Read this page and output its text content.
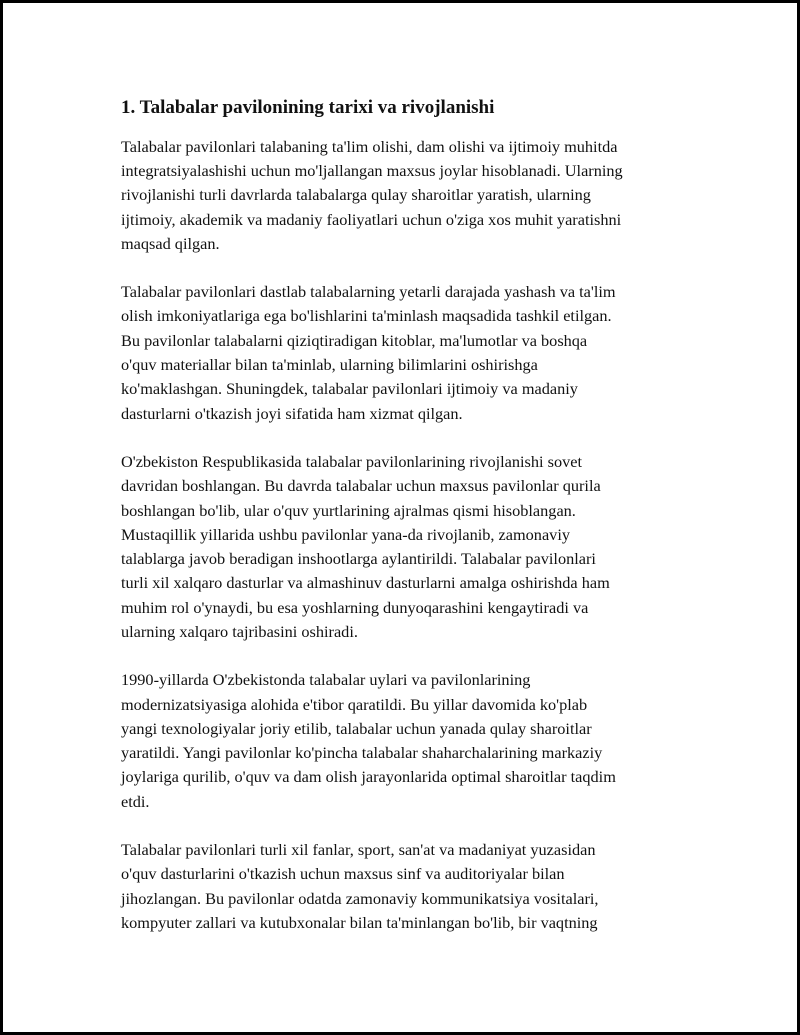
1. Talabalar pavilonining tarixi va rivojlanishi

Talabalar pavilonlari talabaning ta'lim olishi, dam olishi va ijtimoiy muhitda
integratsiyalashishi uchun mo'ljallangan maxsus joylar hisoblanadi. Ularning
rivojlanishi turli davrlarda talabalarga qulay sharoitlar yaratish, ularning
ijtimoiy, akademik va madaniy faoliyatlari uchun o'ziga xos muhit yaratishni
maqsad qilgan.

Talabalar pavilonlari dastlab talabalarning yetarli darajada yashash va ta'lim
olish imkoniyatlariga ega bo'lishlarini ta'minlash maqsadida tashkil etilgan.
Bu pavilonlar talabalarni qiziqtiradigan kitoblar, ma'lumotlar va boshqa
o'quv materiallar bilan ta'minlab, ularning bilimlarini oshirishga
ko'maklashgan. Shuningdek, talabalar pavilonlari ijtimoiy va madaniy
dasturlarni o'tkazish joyi sifatida ham xizmat qilgan.

O'zbekiston Respublikasida talabalar pavilonlarining rivojlanishi sovet
davridan boshlangan. Bu davrda talabalar uchun maxsus pavilonlar qurila
boshlangan bo'lib, ular o'quv yurtlarining ajralmas qismi hisoblangan.
Mustaqillik yillarida ushbu pavilonlar yana-da rivojlanib, zamonaviy
talablarga javob beradigan inshootlarga aylantirildi. Talabalar pavilonlari
turli xil xalqaro dasturlar va almashinuv dasturlarni amalga oshirishda ham
muhim rol o'ynaydi, bu esa yoshlarning dunyoqarashini kengaytiradi va
ularning xalqaro tajribasini oshiradi.

1990-yillarda O'zbekistonda talabalar uylari va pavilonlarining
modernizatsiyasiga alohida e'tibor qaratildi. Bu yillar davomida ko'plab
yangi texnologiyalar joriy etilib, talabalar uchun yanada qulay sharoitlar
yaratildi. Yangi pavilonlar ko'pincha talabalar shaharchalarining markaziy
joylariga qurilib, o'quv va dam olish jarayonlarida optimal sharoitlar taqdim
etdi.

Talabalar pavilonlari turli xil fanlar, sport, san'at va madaniyat yuzasidan
o'quv dasturlarini o'tkazish uchun maxsus sinf va auditoriyalar bilan
jihozlangan. Bu pavilonlar odatda zamonaviy kommunikatsiya vositalari,
kompyuter zallari va kutubxonalar bilan ta'minlangan bo'lib, bir vaqtning
